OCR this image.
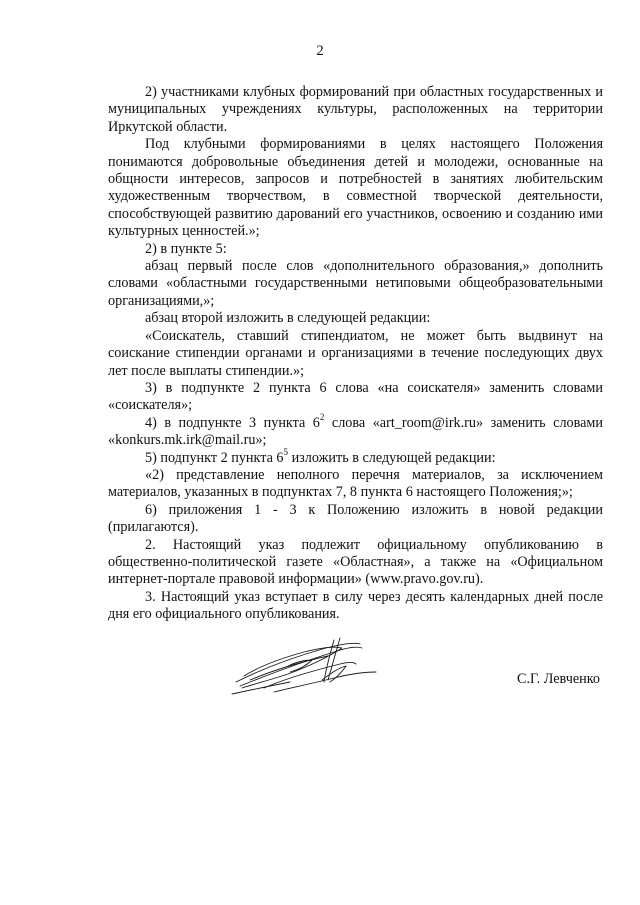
2

2) участниками клубных формирований при областных государственных и муниципальных учреждениях культуры, расположенных на территории Иркутской области.

Под клубными формированиями в целях настоящего Положения понимаются добровольные объединения детей и молодежи, основанные на общности интересов, запросов и потребностей в занятиях любительским художественным творчеством, в совместной творческой деятельности, способствующей развитию дарований его участников, освоению и созданию ими культурных ценностей.»;

2) в пункте 5:

абзац первый после слов «дополнительного образования,» дополнить словами «областными государственными нетиповыми общеобразовательными организациями,»;

абзац второй изложить в следующей редакции:

«Соискатель, ставший стипендиатом, не может быть выдвинут на соискание стипендии органами и организациями в течение последующих двух лет после выплаты стипендии.»;

3) в подпункте 2 пункта 6 слова «на соискателя» заменить словами «соискателя»;

4) в подпункте 3 пункта $6^2$ слова «art_room@irk.ru» заменить словами «konkurs.mk.irk@mail.ru»;

5) подпункт 2 пункта $6^5$ изложить в следующей редакции:

«2) представление неполного перечня материалов, за исключением материалов, указанных в подпунктах 7, 8 пункта 6 настоящего Положения;»;

6) приложения 1 - 3 к Положению изложить в новой редакции (прилагаются).

2. Настоящий указ подлежит официальному опубликованию в общественно-политической газете «Областная», а также на «Официальном интернет-портале правовой информации» (www.pravo.gov.ru).

3. Настоящий указ вступает в силу через десять календарных дней после дня его официального опубликования.

С.Г. Левченко
